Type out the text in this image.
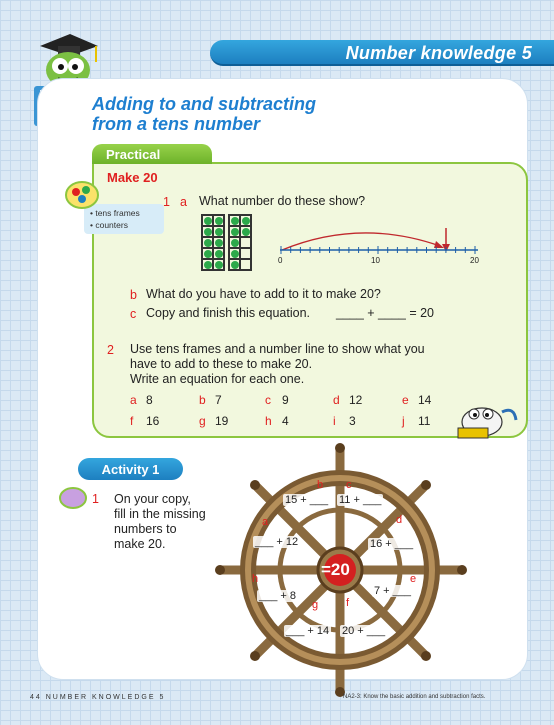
Number knowledge 5
Adding to and subtracting
from a tens number
Practical
• tens frames
• counters
Make 20
1 a What number do these show?
0	10	20
b What do you have to add to it to make 20?
c Copy and finish this equation. ____ + ____ = 20
2 Use tens frames and a number line to show what you
have to add to these to make 20.
Write an equation for each one.
a 8	b 7	c 9	d 12	e 14
f 16	g 19	h 4	i 3	j 11
Activity 1
1 On your copy,
fill in the missing
numbers to
make 20.
=20
a
___ + 12
b
15 + ___
c
11 + ___
d
16 + ___
e
7 + ___
f
20 + ___
g
___ + 14
h
___ + 8
44 NUMBER KNOWLEDGE 5	NA2-3: Know the basic addition and subtraction facts.
